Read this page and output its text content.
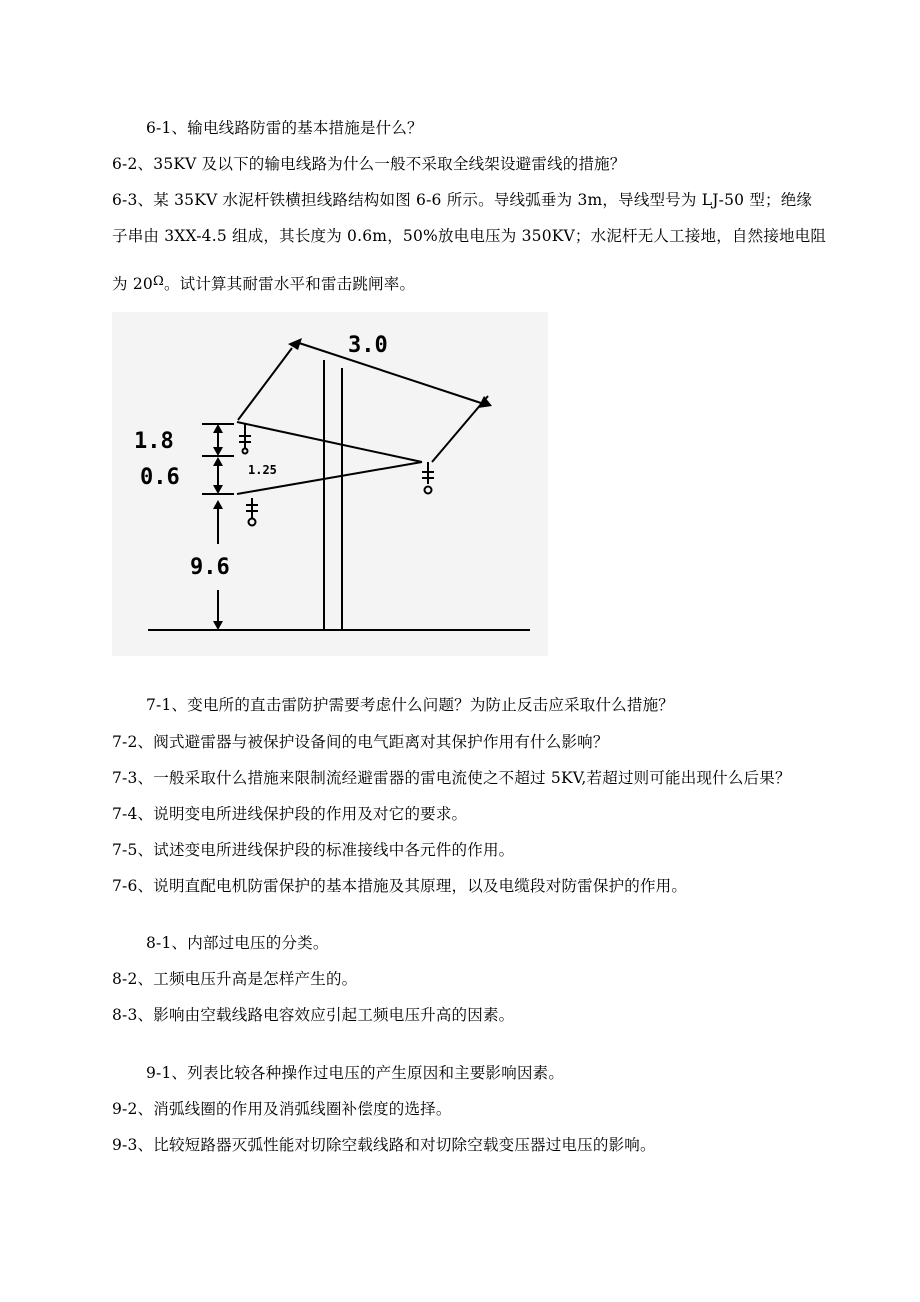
6-1、输电线路防雷的基本措施是什么？
6-2、35KV 及以下的输电线路为什么一般不采取全线架设避雷线的措施？
6-3、某 35KV 水泥杆铁横担线路结构如图 6-6 所示。导线弧垂为 3m，导线型号为 LJ-50 型；绝缘
子串由 3XX-4.5 组成，其长度为 0.6m，50%放电电压为 350KV；水泥杆无人工接地，自然接地电阻
为 $20^\Omega$。试计算其耐雷水平和雷击跳闸率。
3.0
1.8
0.6	1.25
9.6
7-1、变电所的直击雷防护需要考虑什么问题？为防止反击应采取什么措施？
7-2、阀式避雷器与被保护设备间的电气距离对其保护作用有什么影响？
7-3、一般采取什么措施来限制流经避雷器的雷电流使之不超过 5KV,若超过则可能出现什么后果？
7-4、说明变电所进线保护段的作用及对它的要求。
7-5、试述变电所进线保护段的标准接线中各元件的作用。
7-6、说明直配电机防雷保护的基本措施及其原理，以及电缆段对防雷保护的作用。
8-1、内部过电压的分类。
8-2、工频电压升高是怎样产生的。
8-3、影响由空载线路电容效应引起工频电压升高的因素。
9-1、列表比较各种操作过电压的产生原因和主要影响因素。
9-2、消弧线圈的作用及消弧线圈补偿度的选择。
9-3、比较短路器灭弧性能对切除空载线路和对切除空载变压器过电压的影响。
